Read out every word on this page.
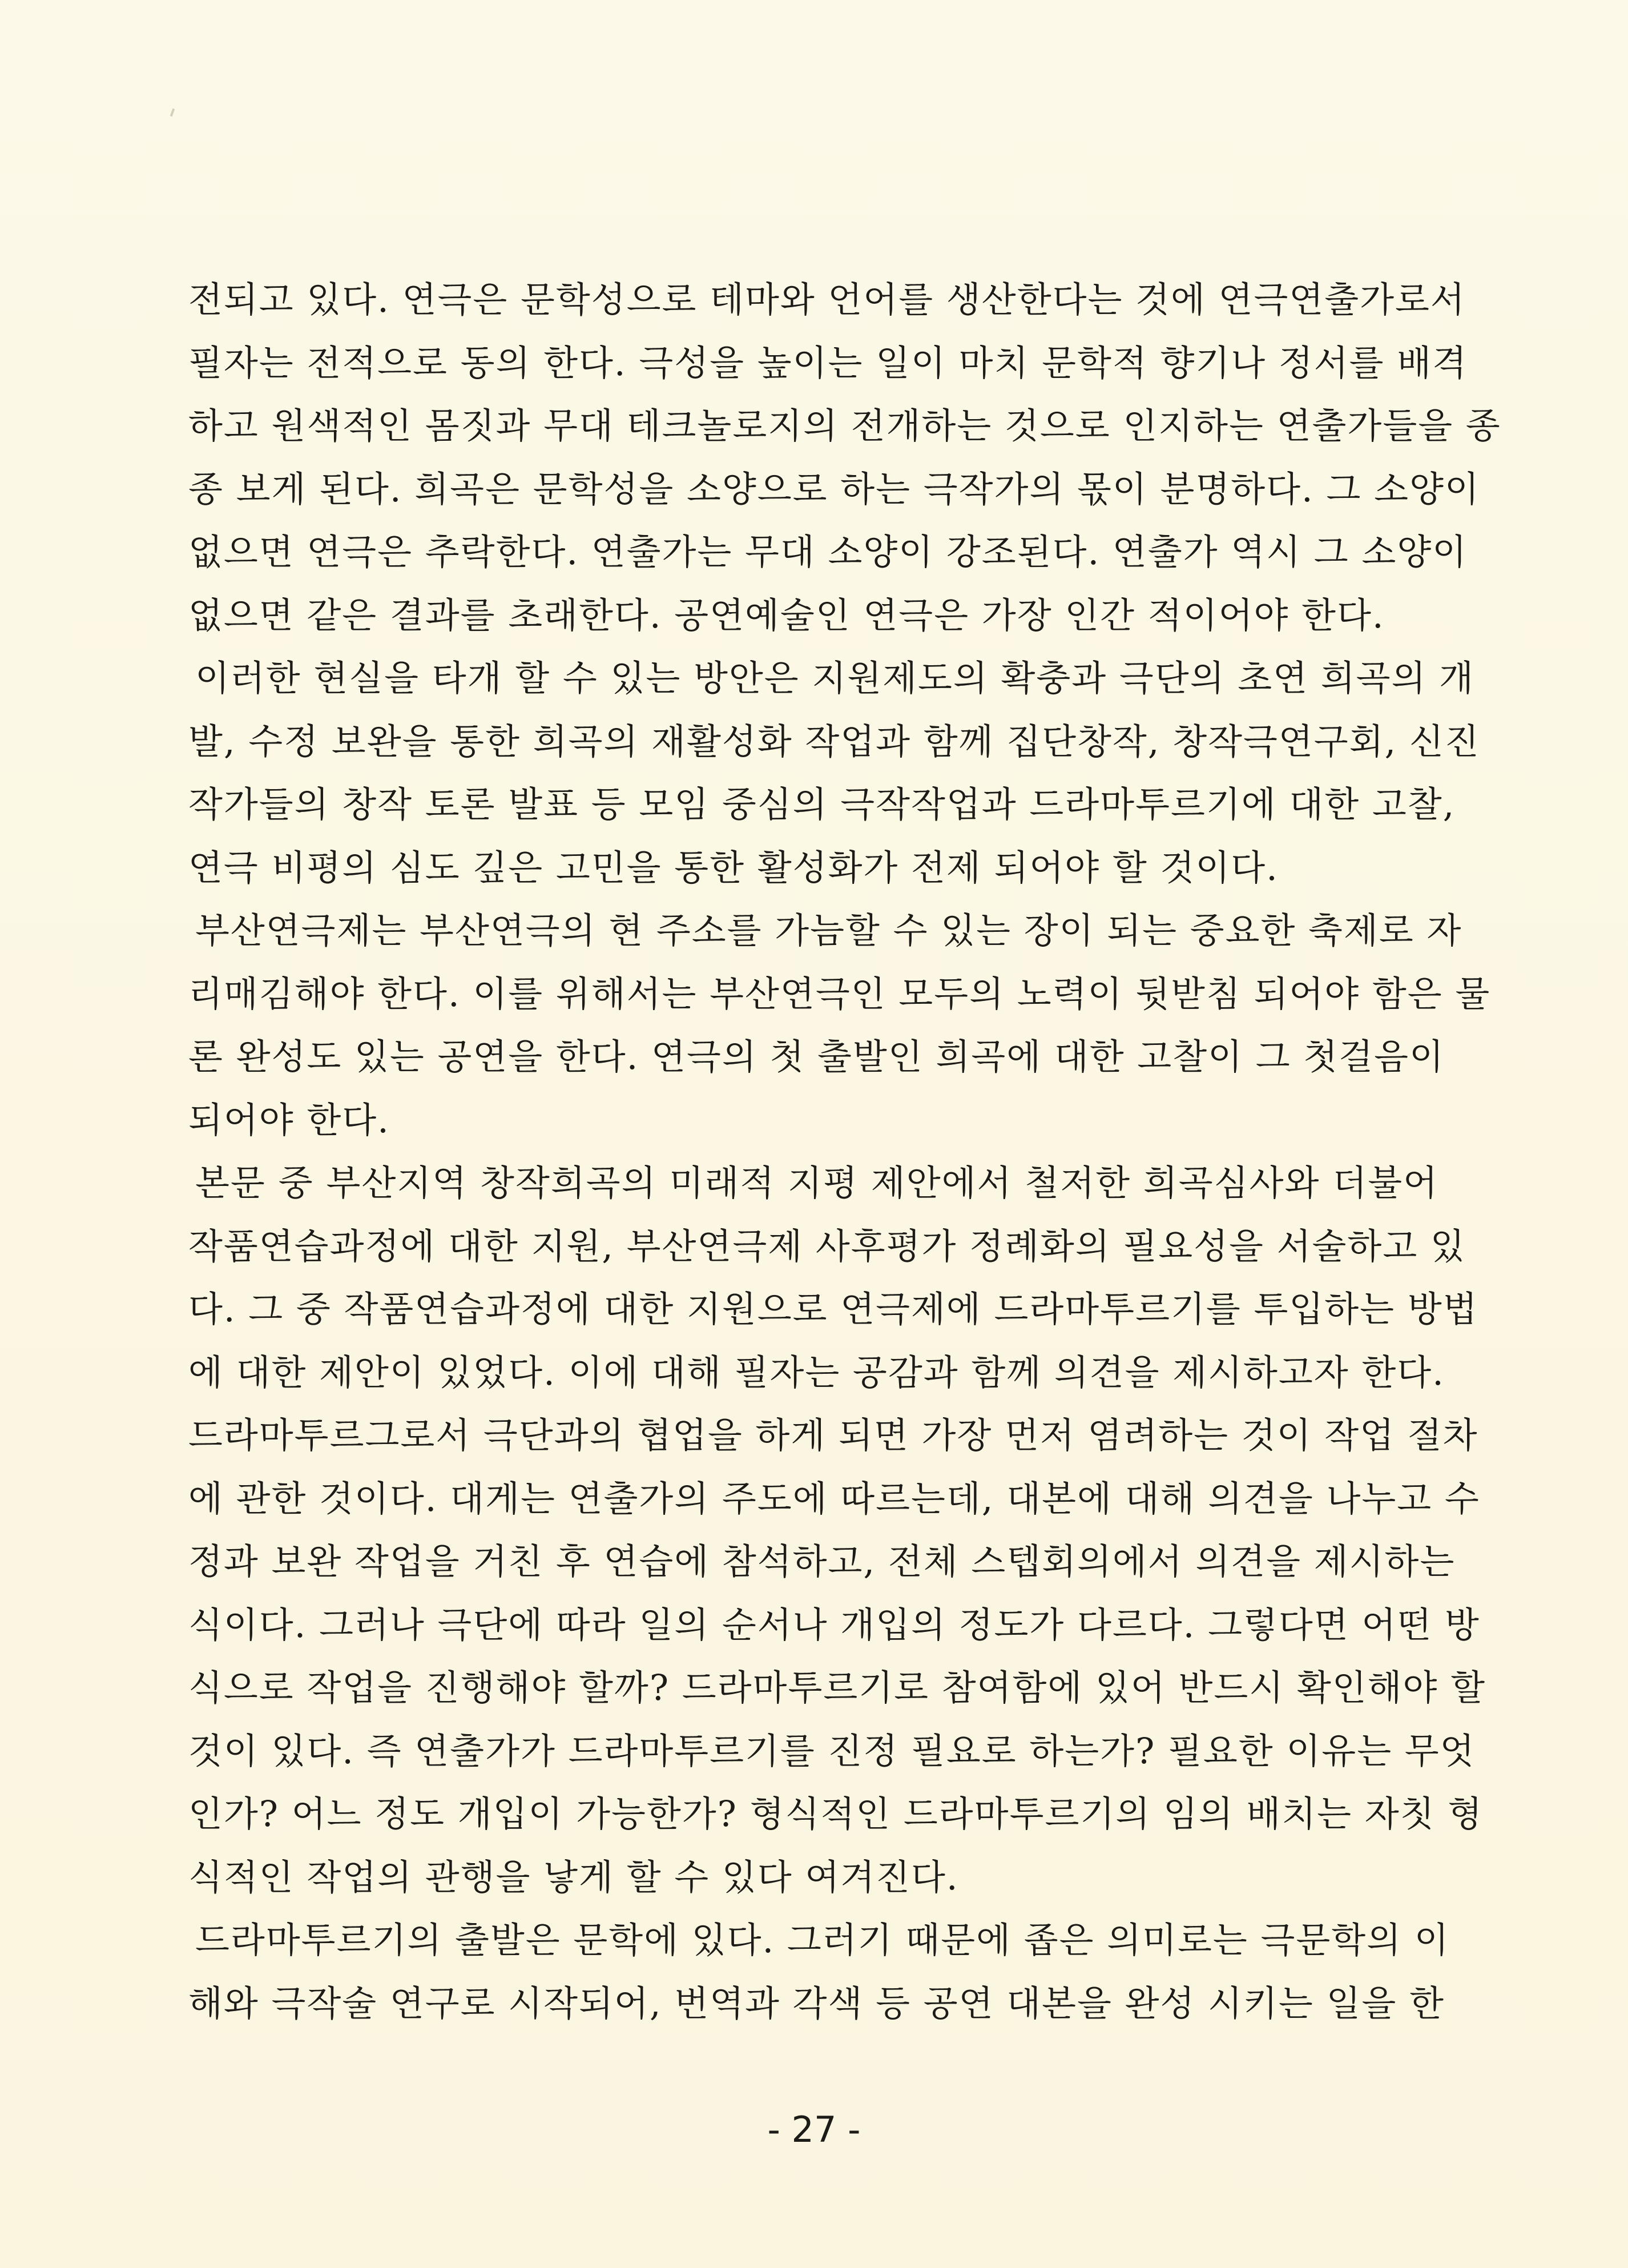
전되고 있다. 연극은 문학성으로 테마와 언어를 생산한다는 것에 연극연출가로서
필자는 전적으로 동의 한다. 극성을 높이는 일이 마치 문학적 향기나 정서를 배격
하고 원색적인 몸짓과 무대 테크놀로지의 전개하는 것으로 인지하는 연출가들을 종
종 보게 된다. 희곡은 문학성을 소양으로 하는 극작가의 몫이 분명하다. 그 소양이
없으면 연극은 추락한다. 연출가는 무대 소양이 강조된다. 연출가 역시 그 소양이
없으면 같은 결과를 초래한다. 공연예술인 연극은 가장 인간 적이어야 한다.
이러한 현실을 타개 할 수 있는 방안은 지원제도의 확충과 극단의 초연 희곡의 개
발, 수정 보완을 통한 희곡의 재활성화 작업과 함께 집단창작, 창작극연구회, 신진
작가들의 창작 토론 발표 등 모임 중심의 극작작업과 드라마투르기에 대한 고찰,
연극 비평의 심도 깊은 고민을 통한 활성화가 전제 되어야 할 것이다.
부산연극제는 부산연극의 현 주소를 가늠할 수 있는 장이 되는 중요한 축제로 자
리매김해야 한다. 이를 위해서는 부산연극인 모두의 노력이 뒷받침 되어야 함은 물
론 완성도 있는 공연을 한다. 연극의 첫 출발인 희곡에 대한 고찰이 그 첫걸음이
되어야 한다.
본문 중 부산지역 창작희곡의 미래적 지평 제안에서 철저한 희곡심사와 더불어
작품연습과정에 대한 지원, 부산연극제 사후평가 정례화의 필요성을 서술하고 있
다. 그 중 작품연습과정에 대한 지원으로 연극제에 드라마투르기를 투입하는 방법
에 대한 제안이 있었다. 이에 대해 필자는 공감과 함께 의견을 제시하고자 한다.
드라마투르그로서 극단과의 협업을 하게 되면 가장 먼저 염려하는 것이 작업 절차
에 관한 것이다. 대게는 연출가의 주도에 따르는데, 대본에 대해 의견을 나누고 수
정과 보완 작업을 거친 후 연습에 참석하고, 전체 스텝회의에서 의견을 제시하는
식이다. 그러나 극단에 따라 일의 순서나 개입의 정도가 다르다. 그렇다면 어떤 방
식으로 작업을 진행해야 할까? 드라마투르기로 참여함에 있어 반드시 확인해야 할
것이 있다. 즉 연출가가 드라마투르기를 진정 필요로 하는가? 필요한 이유는 무엇
인가? 어느 정도 개입이 가능한가? 형식적인 드라마투르기의 임의 배치는 자칫 형
식적인 작업의 관행을 낳게 할 수 있다 여겨진다.
드라마투르기의 출발은 문학에 있다. 그러기 때문에 좁은 의미로는 극문학의 이
해와 극작술 연구로 시작되어, 번역과 각색 등 공연 대본을 완성 시키는 일을 한
- 27 -
